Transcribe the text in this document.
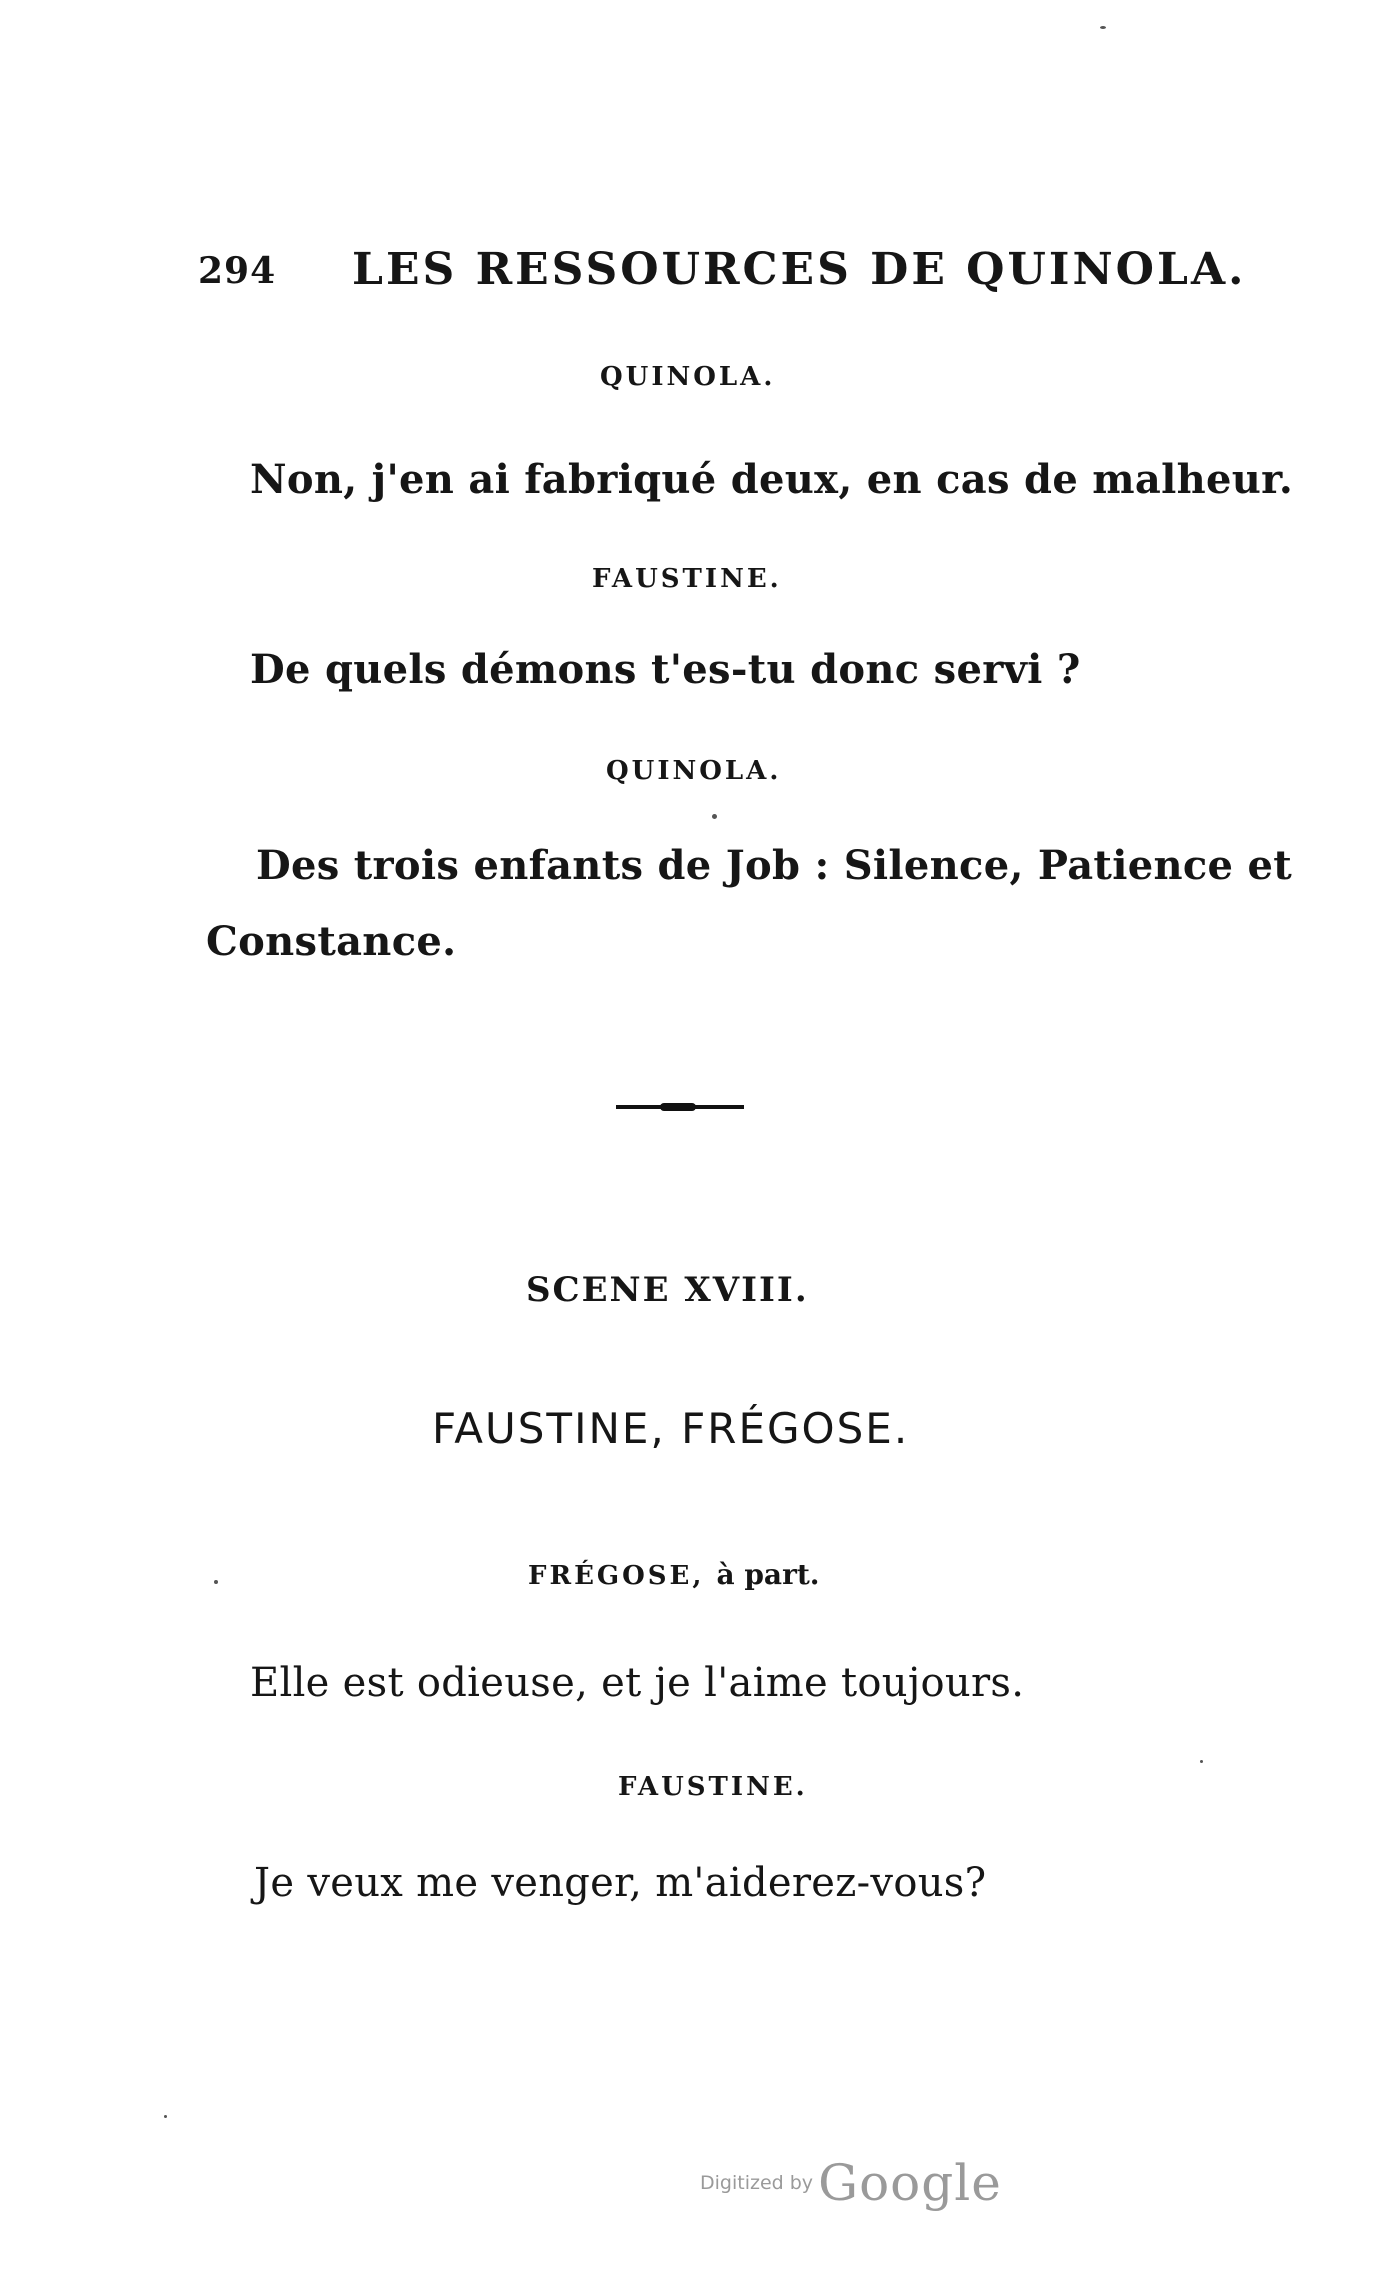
294 LES RESSOURCES DE QUINOLA.
QUINOLA.
Non, j'en ai fabriqué deux, en cas de malheur.
FAUSTINE.
De quels démons t'es-tu donc servi ?
QUINOLA.
Des trois enfants de Job : Silence, Patience et
Constance.
SCENE XVIII.
FAUSTINE, FRÉGOSE.
FRÉGOSE, à part.
Elle est odieuse, et je l'aime toujours.
FAUSTINE.
Je veux me venger, m'aiderez-vous?
Digitized by Google
